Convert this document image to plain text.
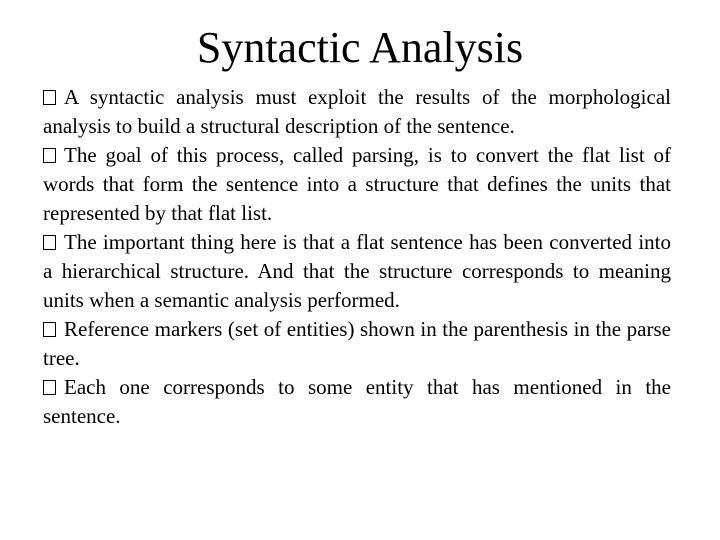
Syntactic Analysis

A syntactic analysis must exploit the results of the morphological analysis to build a structural description of the sentence.

The goal of this process, called parsing, is to convert the flat list of words that form the sentence into a structure that defines the units that represented by that flat list.

The important thing here is that a flat sentence has been converted into a hierarchical structure. And that the structure corresponds to meaning units when a semantic analysis performed.

Reference markers (set of entities) shown in the parenthesis in the parse tree.

Each one corresponds to some entity that has mentioned in the sentence.
